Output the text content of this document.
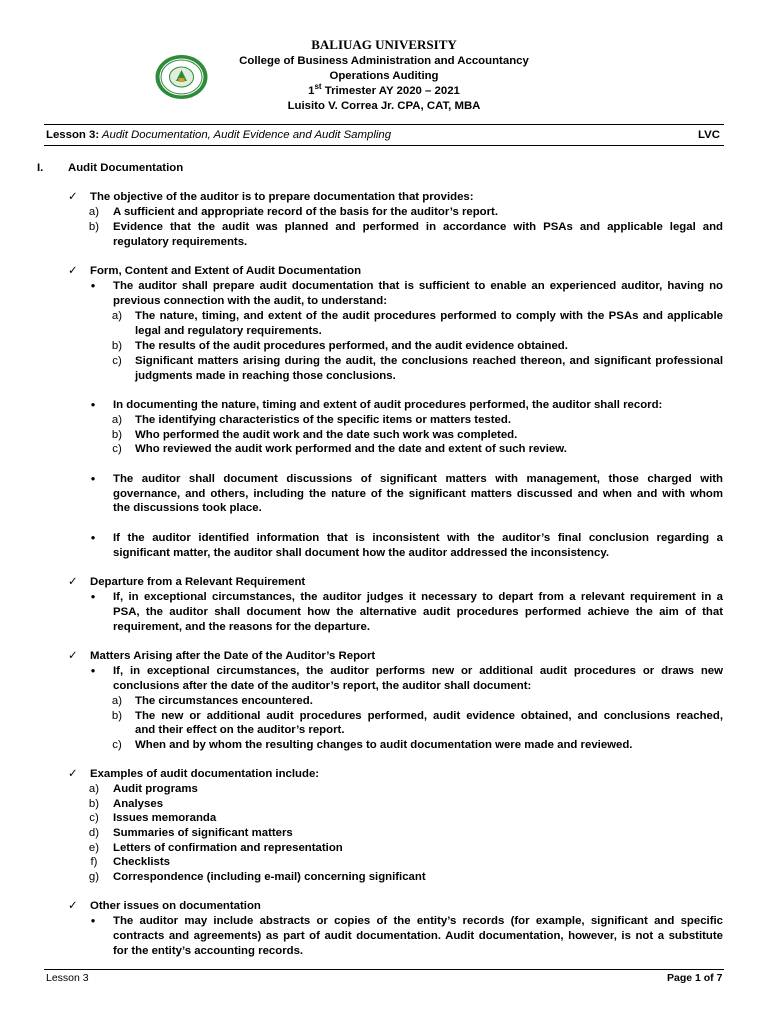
BALIUAG UNIVERSITY
College of Business Administration and Accountancy
Operations Auditing
1st Trimester AY 2020 – 2021
Luisito V. Correa Jr. CPA, CAT, MBA
Lesson 3: Audit Documentation, Audit Evidence and Audit Sampling	LVC
I. Audit Documentation
✓ The objective of the auditor is to prepare documentation that provides:
a) A sufficient and appropriate record of the basis for the auditor’s report.
b) Evidence that the audit was planned and performed in accordance with PSAs and applicable legal and
regulatory requirements.
✓ Form, Content and Extent of Audit Documentation
●	The auditor shall prepare audit documentation that is sufficient to enable an experienced auditor, having no
previous connection with the audit, to understand:
a) The nature, timing, and extent of the audit procedures performed to comply with the PSAs and applicable
legal and regulatory requirements.
b) The results of the audit procedures performed, and the audit evidence obtained.
c) Significant matters arising during the audit, the conclusions reached thereon, and significant professional
judgments made in reaching those conclusions.
●	In documenting the nature, timing and extent of audit procedures performed, the auditor shall record:
a) The identifying characteristics of the specific items or matters tested.
b) Who performed the audit work and the date such work was completed.
c) Who reviewed the audit work performed and the date and extent of such review.
●	The auditor shall document discussions of significant matters with management, those charged with
governance, and others, including the nature of the significant matters discussed and when and with whom
the discussions took place.
●	If the auditor identified information that is inconsistent with the auditor’s final conclusion regarding a
significant matter, the auditor shall document how the auditor addressed the inconsistency.
✓ Departure from a Relevant Requirement
●	If, in exceptional circumstances, the auditor judges it necessary to depart from a relevant requirement in a
PSA, the auditor shall document how the alternative audit procedures performed achieve the aim of that
requirement, and the reasons for the departure.
✓ Matters Arising after the Date of the Auditor’s Report
●	If, in exceptional circumstances, the auditor performs new or additional audit procedures or draws new
conclusions after the date of the auditor’s report, the auditor shall document:
a) The circumstances encountered.
b) The new or additional audit procedures performed, audit evidence obtained, and conclusions reached,
and their effect on the auditor’s report.
c) When and by whom the resulting changes to audit documentation were made and reviewed.
✓ Examples of audit documentation include:
a) Audit programs
b) Analyses
c) Issues memoranda
d) Summaries of significant matters
e) Letters of confirmation and representation
f) Checklists
g) Correspondence (including e-mail) concerning significant
✓ Other issues on documentation
●	The auditor may include abstracts or copies of the entity’s records (for example, significant and specific
contracts and agreements) as part of audit documentation. Audit documentation, however, is not a substitute
for the entity’s accounting records.
Lesson 3	Page 1 of 7
